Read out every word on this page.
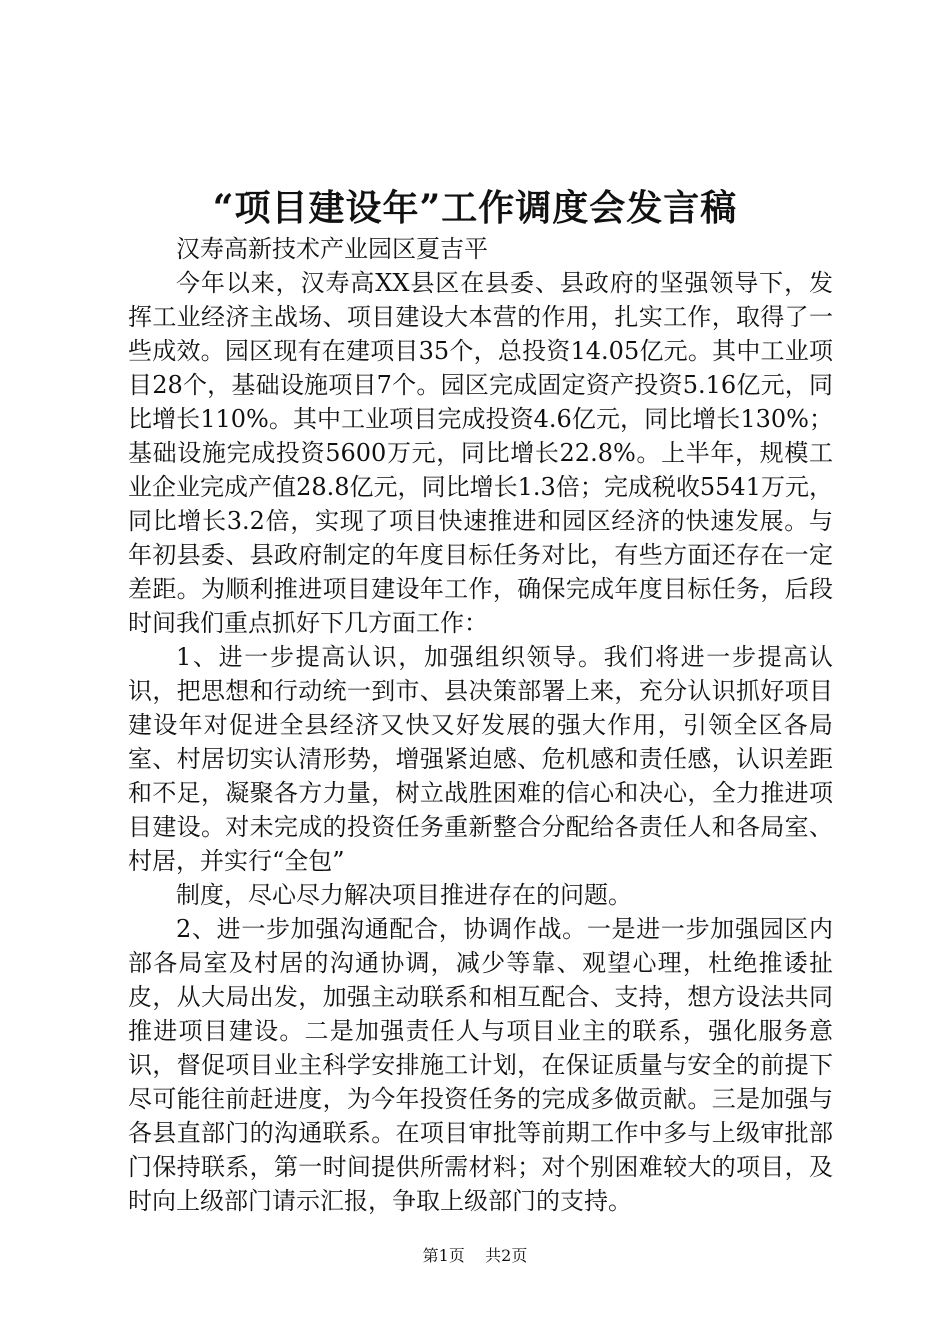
“项目建设年”工作调度会发言稿

汉寿高新技术产业园区夏吉平

今年以来，汉寿高XX县区在县委、县政府的坚强领导下，发挥工业经济主战场、项目建设大本营的作用，扎实工作，取得了一些成效。园区现有在建项目35个，总投资14.05亿元。其中工业项目28个，基础设施项目7个。园区完成固定资产投资5.16亿元，同比增长110%。其中工业项目完成投资4.6亿元，同比增长130%；基础设施完成投资5600万元，同比增长22.8%。上半年，规模工业企业完成产值28.8亿元，同比增长1.3倍；完成税收5541万元，同比增长3.2倍，实现了项目快速推进和园区经济的快速发展。与年初县委、县政府制定的年度目标任务对比，有些方面还存在一定差距。为顺利推进项目建设年工作，确保完成年度目标任务，后段时间我们重点抓好下几方面工作：

1、进一步提高认识，加强组织领导。我们将进一步提高认识，把思想和行动统一到市、县决策部署上来，充分认识抓好项目建设年对促进全县经济又快又好发展的强大作用，引领全区各局室、村居切实认清形势，增强紧迫感、危机感和责任感，认识差距和不足，凝聚各方力量，树立战胜困难的信心和决心，全力推进项目建设。对未完成的投资任务重新整合分配给各责任人和各局室、村居，并实行“全包”

制度，尽心尽力解决项目推进存在的问题。

2、进一步加强沟通配合，协调作战。一是进一步加强园区内部各局室及村居的沟通协调，减少等靠、观望心理，杜绝推诿扯皮，从大局出发，加强主动联系和相互配合、支持，想方设法共同推进项目建设。二是加强责任人与项目业主的联系，强化服务意识，督促项目业主科学安排施工计划，在保证质量与安全的前提下尽可能往前赶进度，为今年投资任务的完成多做贡献。三是加强与各县直部门的沟通联系。在项目审批等前期工作中多与上级审批部门保持联系，第一时间提供所需材料；对个别困难较大的项目，及时向上级部门请示汇报，争取上级部门的支持。

第1页 共2页
